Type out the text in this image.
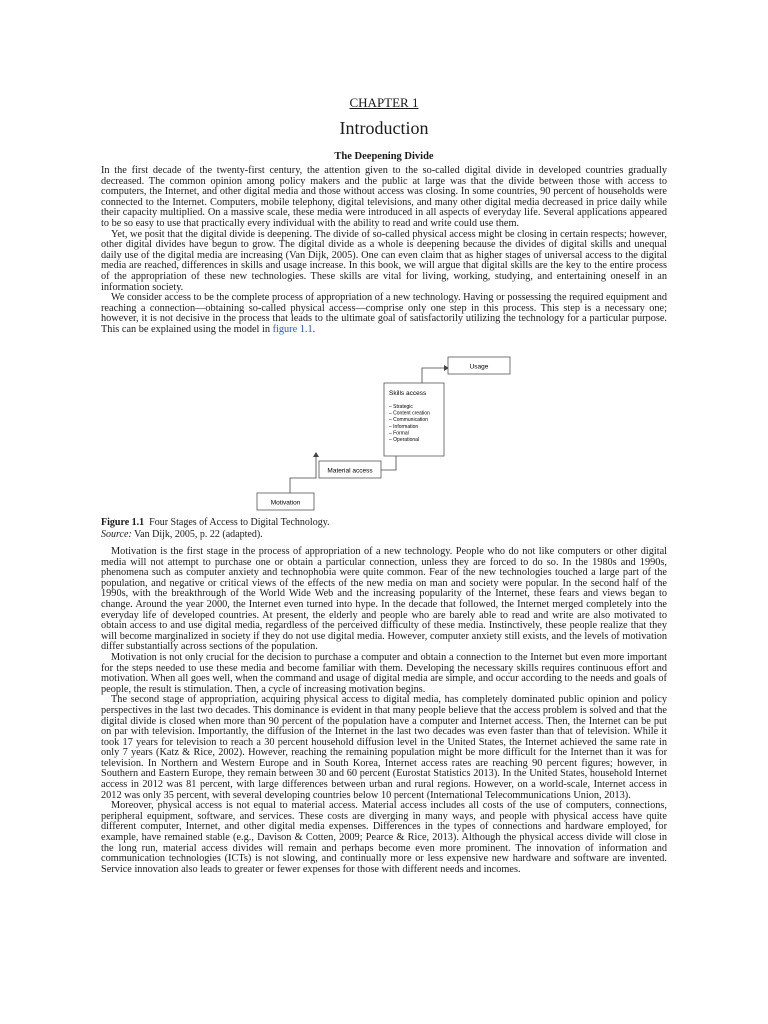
CHAPTER 1
Introduction
The Deepening Divide

In the first decade of the twenty-first century, the attention given to the so-called digital divide in developed countries gradually decreased. The common opinion among policy makers and the public at large was that the divide between those with access to computers, the Internet, and other digital media and those without access was closing. In some countries, 90 percent of households were connected to the Internet. Computers, mobile telephony, digital televisions, and many other digital media decreased in price daily while their capacity multiplied. On a massive scale, these media were introduced in all aspects of everyday life. Several applications appeared to be so easy to use that practically every individual with the ability to read and write could use them.

Yet, we posit that the digital divide is deepening. The divide of so-called physical access might be closing in certain respects; however, other digital divides have begun to grow. The digital divide as a whole is deepening because the divides of digital skills and unequal daily use of the digital media are increasing (Van Dijk, 2005). One can even claim that as higher stages of universal access to the digital media are reached, differences in skills and usage increase. In this book, we will argue that digital skills are the key to the entire process of the appropriation of these new technologies. These skills are vital for living, working, studying, and entertaining oneself in an information society.

We consider access to be the complete process of appropriation of a new technology. Having or possessing the required equipment and reaching a connection—obtaining so-called physical access—comprise only one step in this process. This step is a necessary one; however, it is not decisive in the process that leads to the ultimate goal of satisfactorily utilizing the technology for a particular purpose. This can be explained using the model in figure 1.1.

Usage
Skills access
– Strategic
– Content creation
– Communication
– Information
– Formal
– Operational
Material access
Motivation
Figure 1.1 Four Stages of Access to Digital Technology.
Source: Van Dijk, 2005, p. 22 (adapted).

Motivation is the first stage in the process of appropriation of a new technology. People who do not like computers or other digital media will not attempt to purchase one or obtain a particular connection, unless they are forced to do so. In the 1980s and 1990s, phenomena such as computer anxiety and technophobia were quite common. Fear of the new technologies touched a large part of the population, and negative or critical views of the effects of the new media on man and society were popular. In the second half of the 1990s, with the breakthrough of the World Wide Web and the increasing popularity of the Internet, these fears and views began to change. Around the year 2000, the Internet even turned into hype. In the decade that followed, the Internet merged completely into the everyday life of developed countries. At present, the elderly and people who are barely able to read and write are also motivated to obtain access to and use digital media, regardless of the perceived difficulty of these media. Instinctively, these people realize that they will become marginalized in society if they do not use digital media. However, computer anxiety still exists, and the levels of motivation differ substantially across sections of the population.

Motivation is not only crucial for the decision to purchase a computer and obtain a connection to the Internet but even more important for the steps needed to use these media and become familiar with them. Developing the necessary skills requires continuous effort and motivation. When all goes well, when the command and usage of digital media are simple, and occur according to the needs and goals of people, the result is stimulation. Then, a cycle of increasing motivation begins.

The second stage of appropriation, acquiring physical access to digital media, has completely dominated public opinion and policy perspectives in the last two decades. This dominance is evident in that many people believe that the access problem is solved and that the digital divide is closed when more than 90 percent of the population have a computer and Internet access. Then, the Internet can be put on par with television. Importantly, the diffusion of the Internet in the last two decades was even faster than that of television. While it took 17 years for television to reach a 30 percent household diffusion level in the United States, the Internet achieved the same rate in only 7 years (Katz & Rice, 2002). However, reaching the remaining population might be more difficult for the Internet than it was for television. In Northern and Western Europe and in South Korea, Internet access rates are reaching 90 percent figures; however, in Southern and Eastern Europe, they remain between 30 and 60 percent (Eurostat Statistics 2013). In the United States, household Internet access in 2012 was 81 percent, with large differences between urban and rural regions. However, on a world-scale, Internet access in 2012 was only 35 percent, with several developing countries below 10 percent (International Telecommunications Union, 2013).

Moreover, physical access is not equal to material access. Material access includes all costs of the use of computers, connections, peripheral equipment, software, and services. These costs are diverging in many ways, and people with physical access have quite different computer, Internet, and other digital media expenses. Differences in the types of connections and hardware employed, for example, have remained stable (e.g., Davison & Cotten, 2009; Pearce & Rice, 2013). Although the physical access divide will close in the long run, material access divides will remain and perhaps become even more prominent. The innovation of information and communication technologies (ICTs) is not slowing, and continually more or less expensive new hardware and software are invented. Service innovation also leads to greater or fewer expenses for those with different needs and incomes.
